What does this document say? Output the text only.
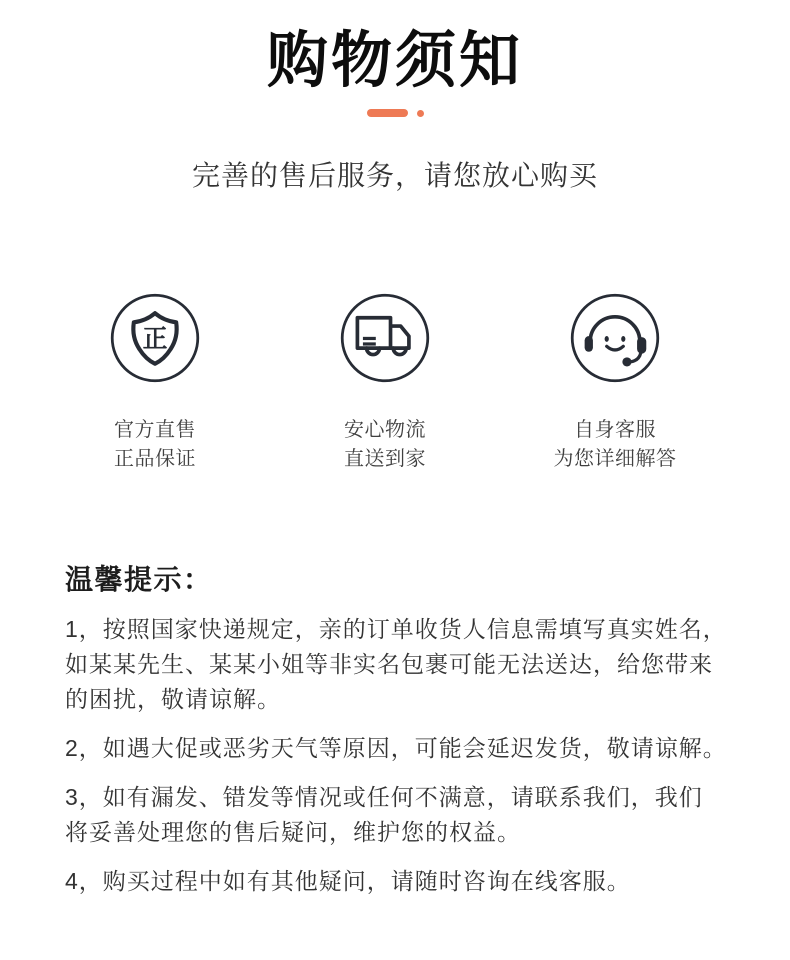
购物须知
完善的售后服务，请您放心购买
正
官方直售
正品保证
安心物流
直送到家
自身客服
为您详细解答
温馨提示：
1，按照国家快递规定，亲的订单收货人信息需填写真实姓名，
如某某先生、某某小姐等非实名包裹可能无法送达，给您带来
的困扰，敬请谅解。
2，如遇大促或恶劣天气等原因，可能会延迟发货，敬请谅解。
3，如有漏发、错发等情况或任何不满意，请联系我们，我们
将妥善处理您的售后疑问，维护您的权益。
4，购买过程中如有其他疑问，请随时咨询在线客服。
